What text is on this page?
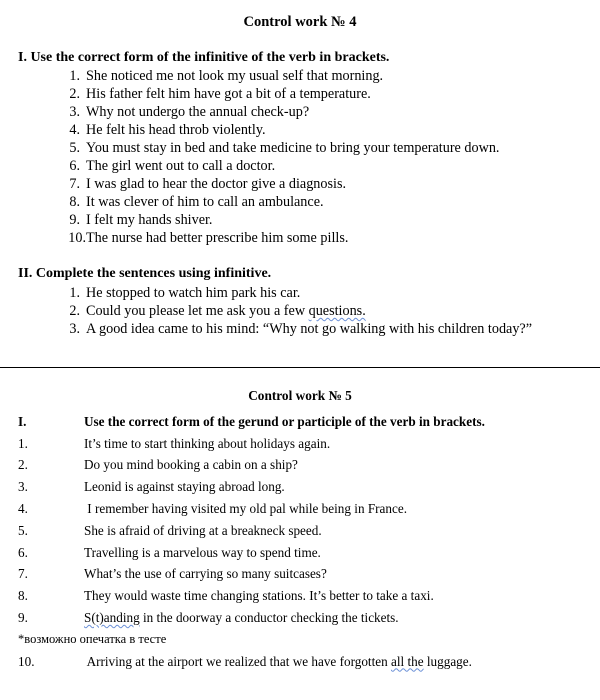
Control work № 4
I. Use the correct form of the infinitive of the verb in brackets.
1. She noticed me not look my usual self that morning.
2. His father felt him have got a bit of a temperature.
3. Why not undergo the annual check-up?
4. He felt his head throb violently.
5. You must stay in bed and take medicine to bring your temperature down.
6. The girl went out to call a doctor.
7. I was glad to hear the doctor give a diagnosis.
8. It was clever of him to call an ambulance.
9. I felt my hands shiver.
10. The nurse had better prescribe him some pills.
II. Complete the sentences using infinitive.
1. He stopped to watch him park his car.
2. Could you please let me ask you a few questions.
3. A good idea came to his mind: “Why not go walking with his children today?”
Control work № 5
I.	Use the correct form of the gerund or participle of the verb in brackets.
1.	It’s time to start thinking about holidays again.
2.	Do you mind booking a cabin on a ship?
3.	Leonid is against staying abroad long.
4.	I remember having visited my old pal while being in France.
5.	She is afraid of driving at a breakneck speed.
6.	Travelling is a marvelous way to spend time.
7.	What’s the use of carrying so many suitcases?
8.	They would waste time changing stations. It’s better to take a taxi.
9.	S(t)anding in the doorway a conductor checking the tickets.
*возможно опечатка в тесте
10.	Arriving at the airport we realized that we have forgotten all the luggage.
